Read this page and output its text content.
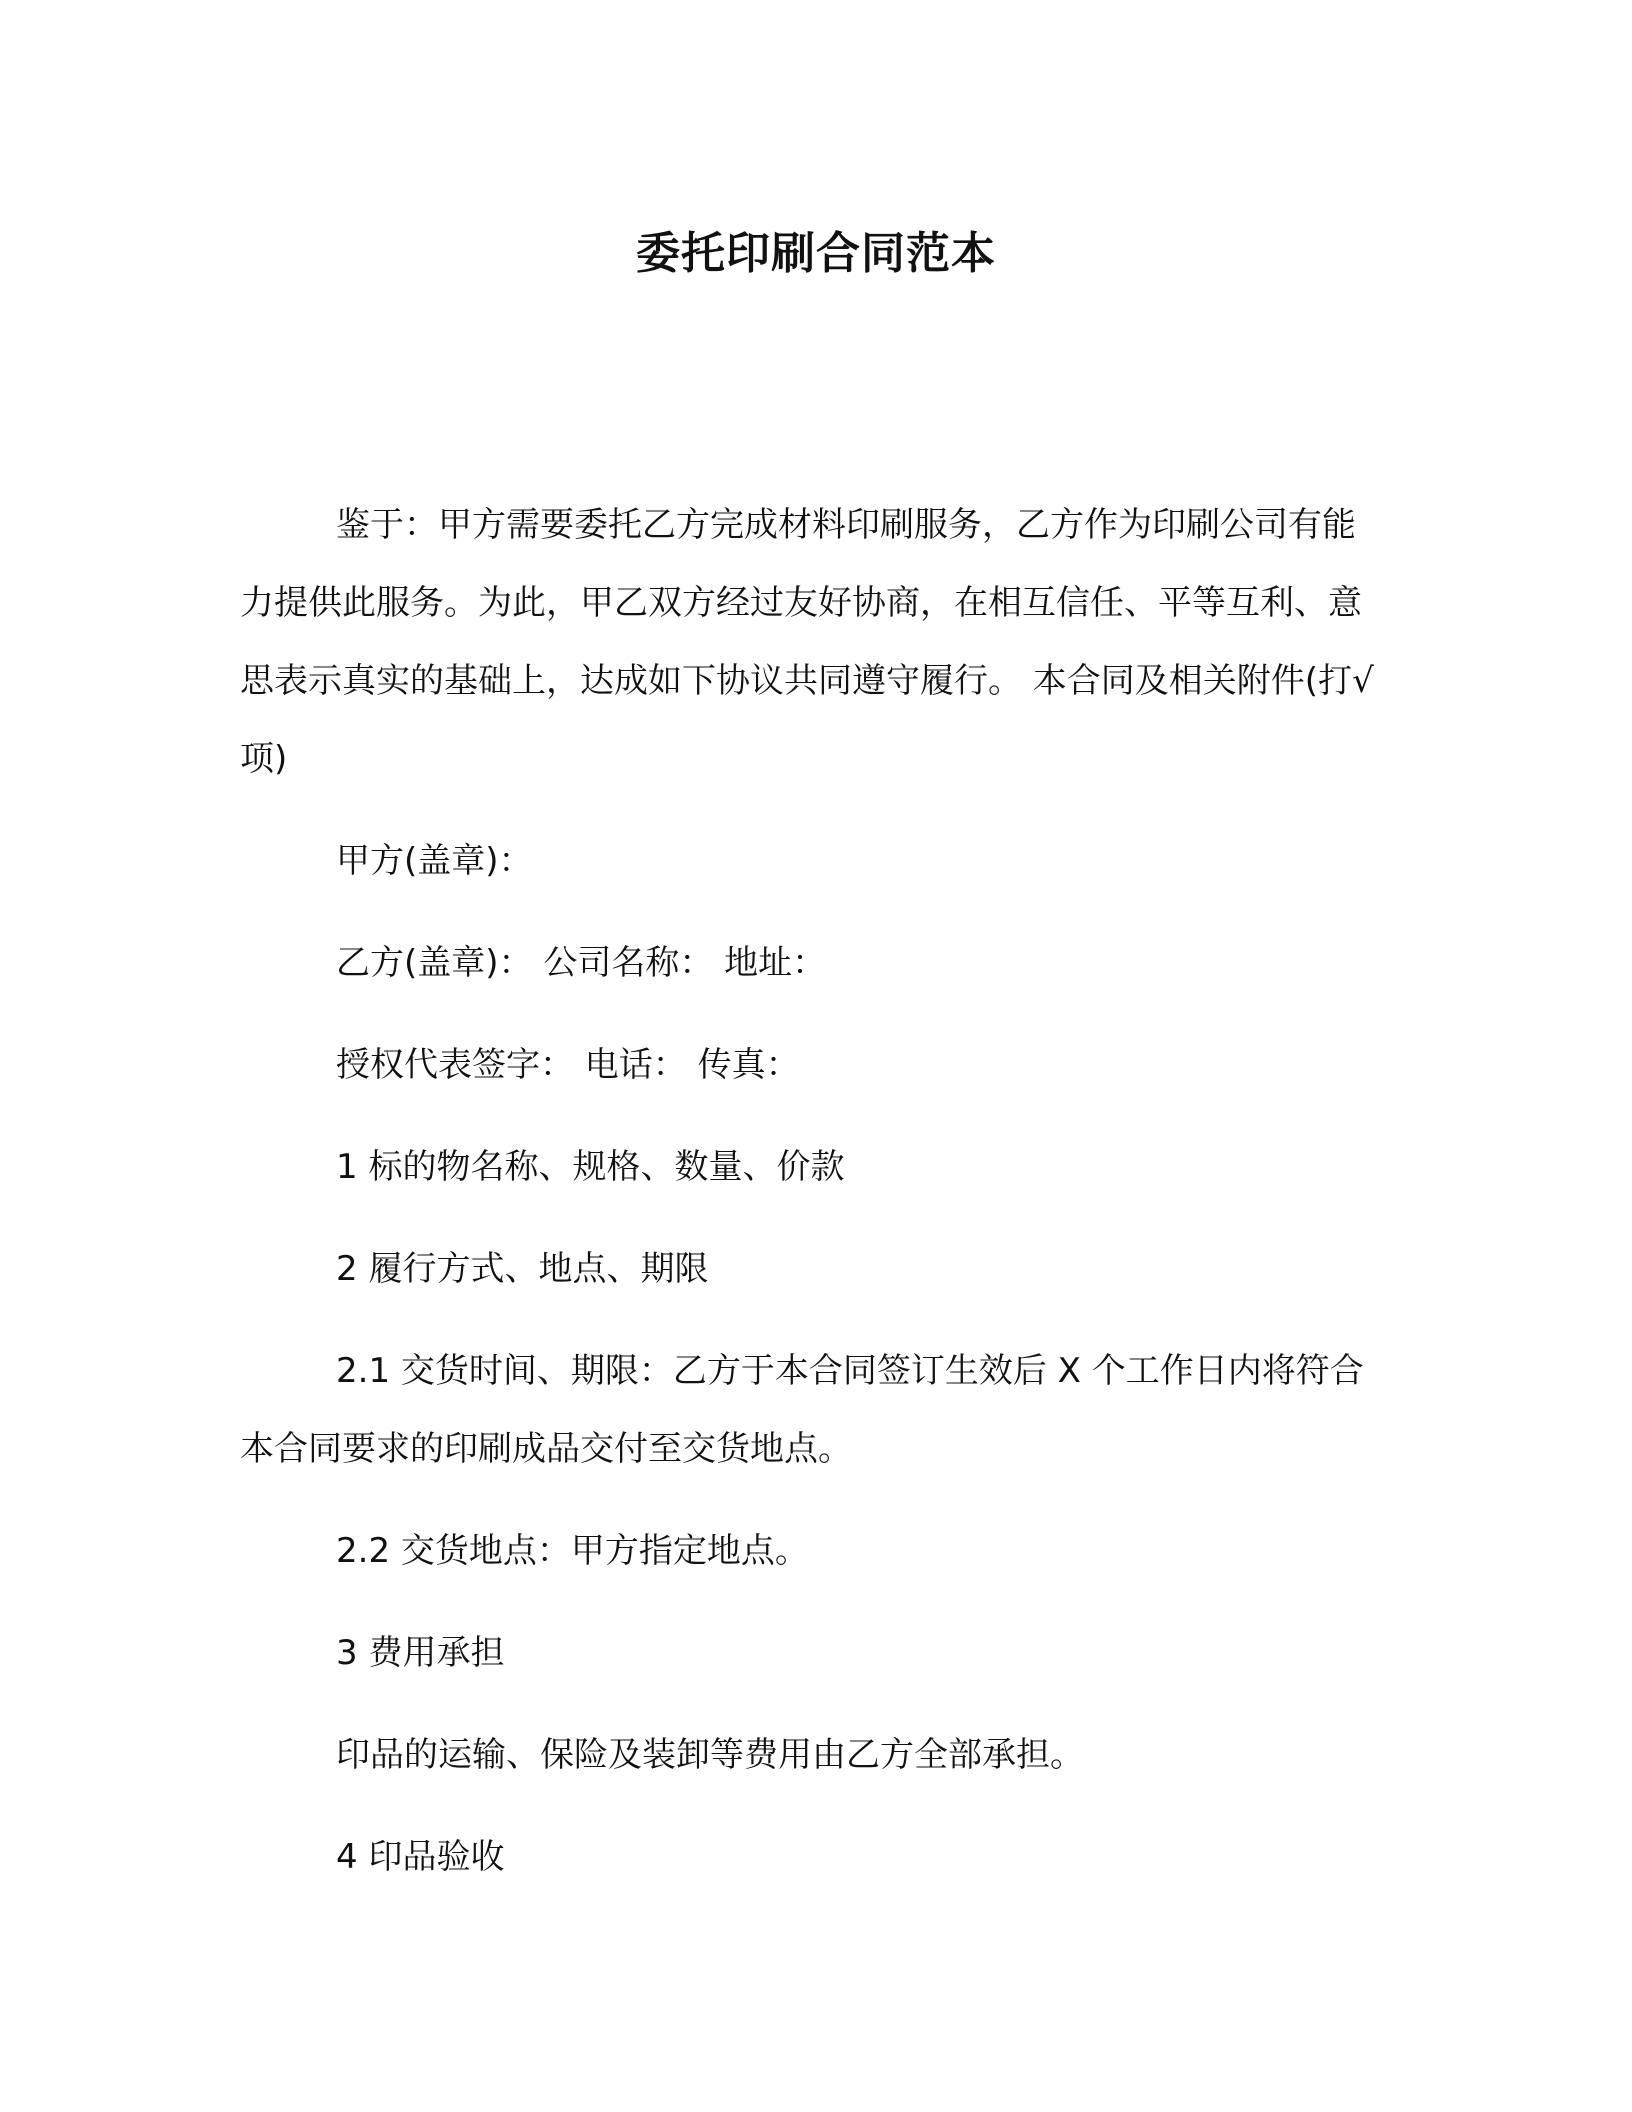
委托印刷合同范本

鉴于：甲方需要委托乙方完成材料印刷服务，乙方作为印刷公司有能力提供此服务。为此，甲乙双方经过友好协商，在相互信任、平等互利、意思表示真实的基础上，达成如下协议共同遵守履行。 本合同及相关附件(打√项)

甲方(盖章)：

乙方(盖章)： 公司名称： 地址：

授权代表签字： 电话： 传真：

1 标的物名称、规格、数量、价款

2 履行方式、地点、期限

2.1 交货时间、期限：乙方于本合同签订生效后 X 个工作日内将符合本合同要求的印刷成品交付至交货地点。

2.2 交货地点：甲方指定地点。

3 费用承担

印品的运输、保险及装卸等费用由乙方全部承担。

4 印品验收
